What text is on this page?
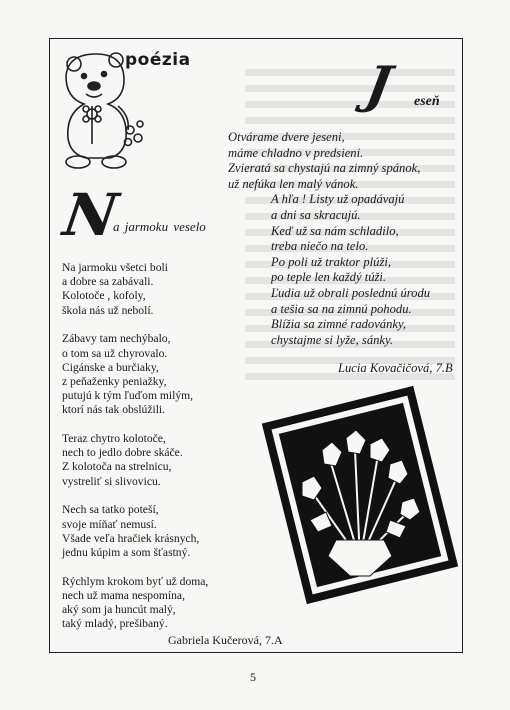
poézia	J eseň
Otvárame dvere jeseni,
máme chladno v predsieni.
Zvieratá sa chystajú na zimný spánok,
už nefúka len malý vánok.
A hľa ! Listy už opadávajú
a dni sa skracujú.
Keď už sa nám schladilo,
treba niečo na telo.
Po poli už traktor plúži,
po teple len každý túži.
Ľudia už obrali poslednú úrodu
a tešia sa na zimnú pohodu.
Blížia sa zimné radovánky,
chystajme si lyže, sánky.
Lucia Kovačičová, 7.B
N
a jarmoku veselo
Na jarmoku všetci boli
a dobre sa zabávali.
Kolotoče , kofoly,
škola nás už nebolí.
Zábavy tam nechýbalo,
o tom sa už chyrovalo.
Cigánske a burčiaky,
z peňaženky peniažky,
putujú k tým ľuďom milým,
ktorí nás tak obslúžili.
Teraz chytro kolotoče,
nech to jedlo dobre skáče.
Z kolotoča na strelnicu,
vystreliť si slivovicu.
Nech sa tatko poteší,
svoje míňať nemusí.
Všade veľa hračiek krásnych,
jednu kúpim a som šťastný.
Rýchlym krokom byť už doma,
nech už mama nespomína,
aký som ja huncút malý,
taký mladý, prešibaný.
Gabriela Kučerová, 7.A
5
